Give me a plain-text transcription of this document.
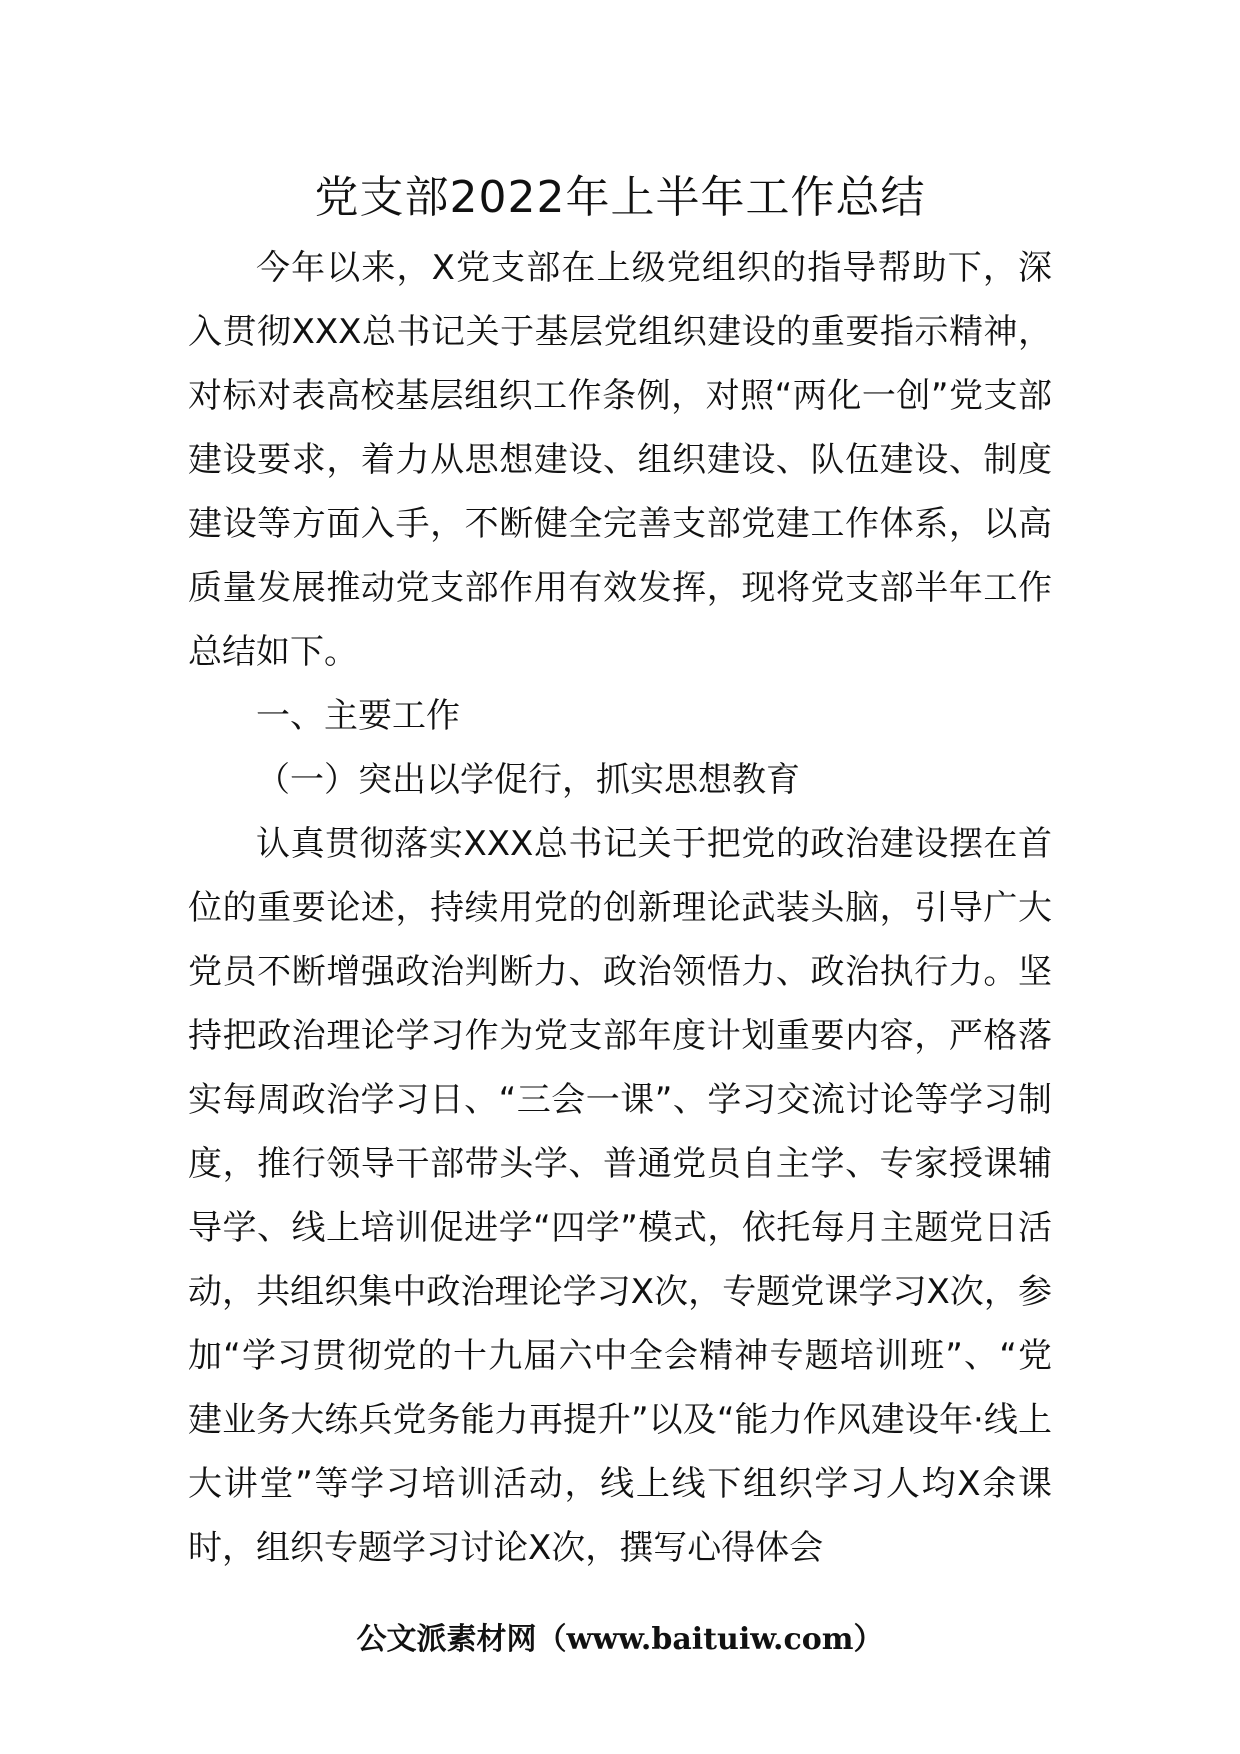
党支部2022年上半年工作总结

今年以来，X党支部在上级党组织的指导帮助下，深入贯彻XXX总书记关于基层党组织建设的重要指示精神，对标对表高校基层组织工作条例，对照“两化一创”党支部建设要求，着力从思想建设、组织建设、队伍建设、制度建设等方面入手，不断健全完善支部党建工作体系，以高质量发展推动党支部作用有效发挥，现将党支部半年工作总结如下。

一、主要工作

（一）突出以学促行，抓实思想教育

认真贯彻落实XXX总书记关于把党的政治建设摆在首位的重要论述，持续用党的创新理论武装头脑，引导广大党员不断增强政治判断力、政治领悟力、政治执行力。坚持把政治理论学习作为党支部年度计划重要内容，严格落实每周政治学习日、“三会一课”、学习交流讨论等学习制度，推行领导干部带头学、普通党员自主学、专家授课辅导学、线上培训促进学“四学”模式，依托每月主题党日活动，共组织集中政治理论学习X次，专题党课学习X次，参加“学习贯彻党的十九届六中全会精神专题培训班”、“党建业务大练兵党务能力再提升”以及“能力作风建设年·线上大讲堂”等学习培训活动，线上线下组织学习人均X余课时，组织专题学习讨论X次，撰写心得体会

公文派素材网（www.baituiw.com）
